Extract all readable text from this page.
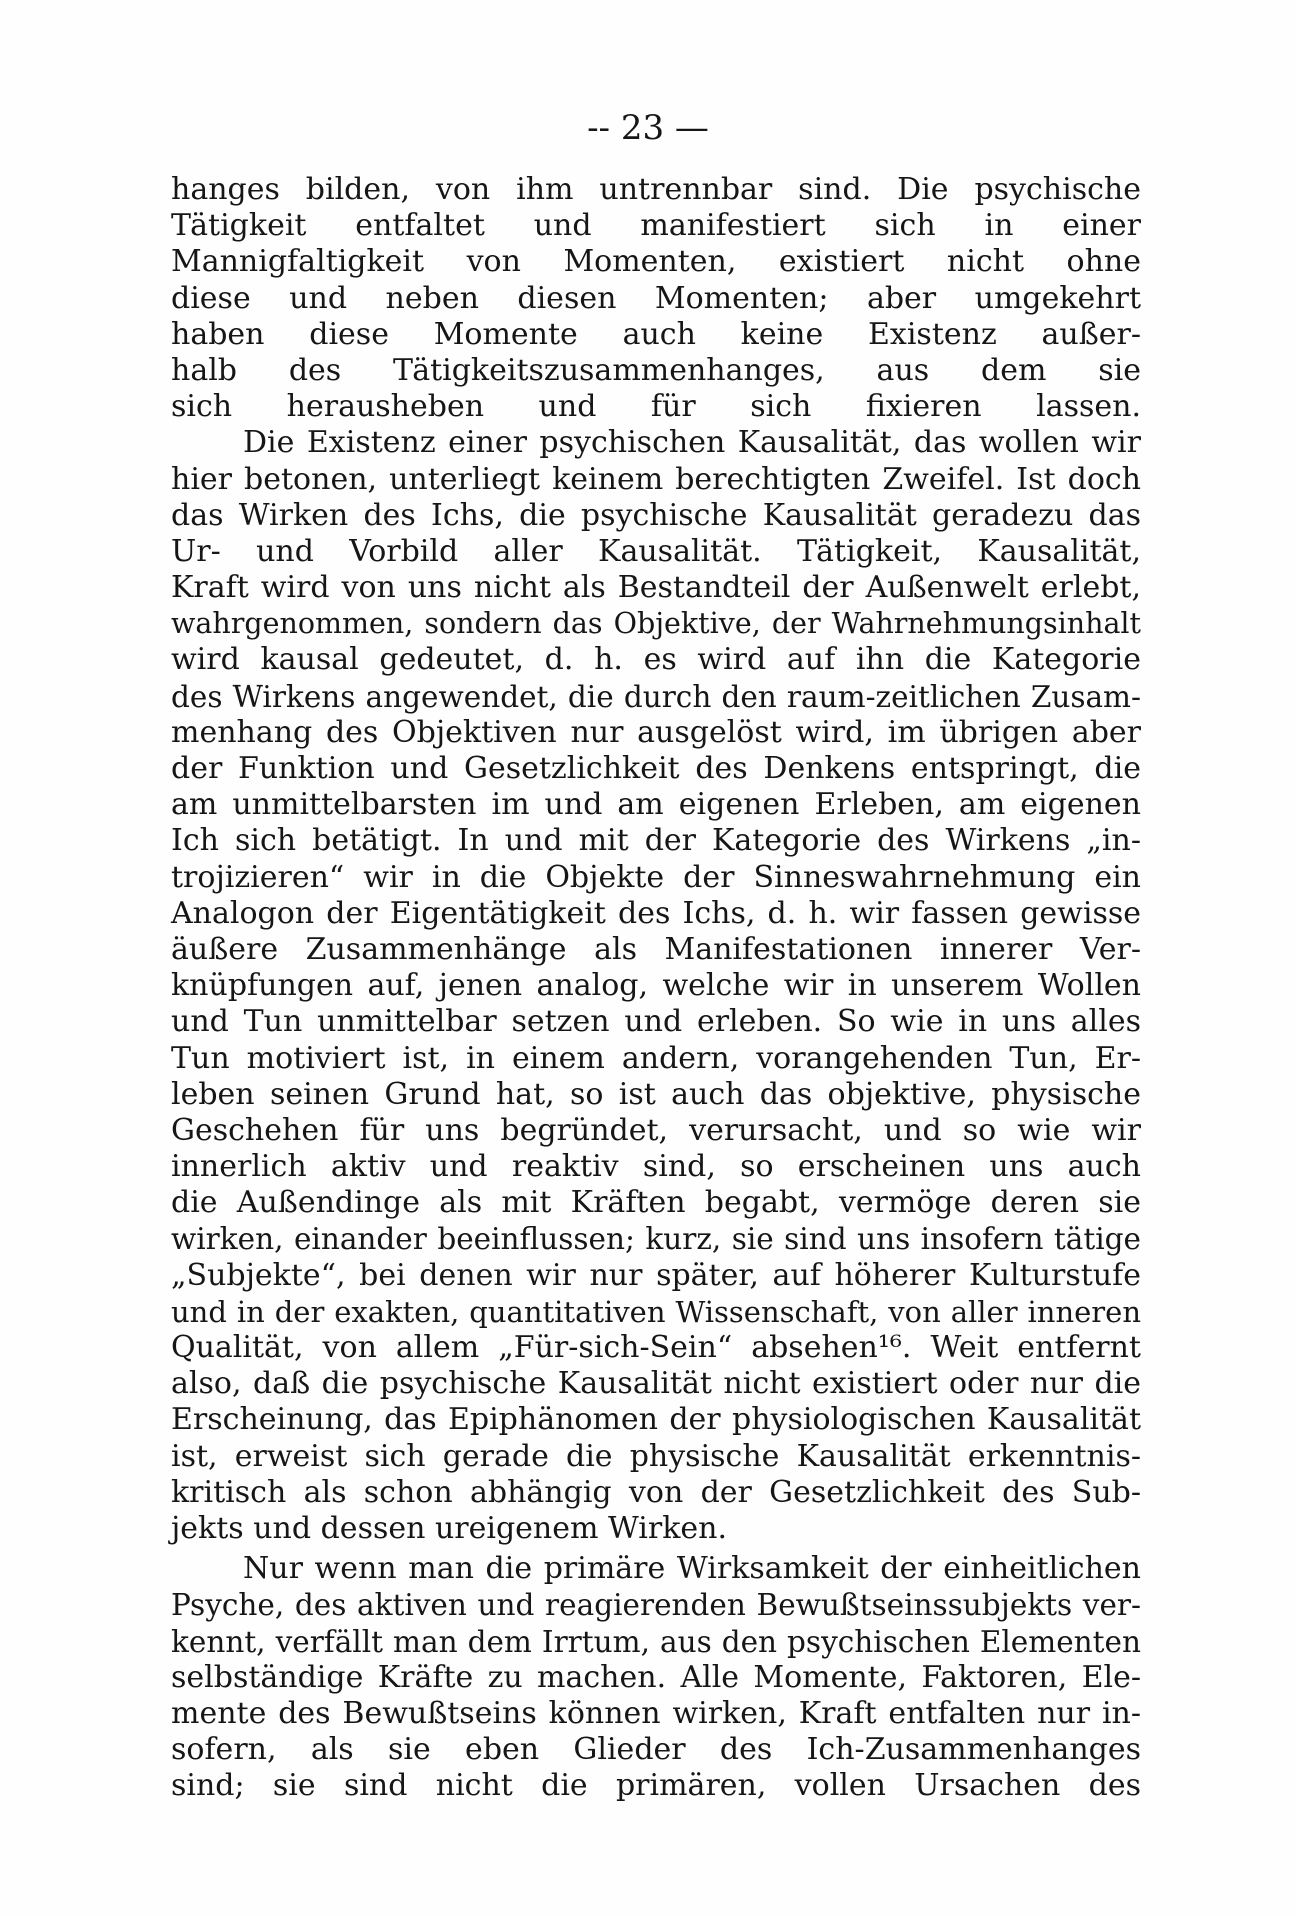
-- 23 —
hanges bilden, von ihm untrennbar sind. Die psychische
Tätigkeit entfaltet und manifestiert sich in einer
Mannigfaltigkeit von Momenten, existiert nicht ohne
diese und neben diesen Momenten; aber umgekehrt
haben diese Momente auch keine Existenz außer-
halb des Tätigkeitszusammenhanges, aus dem sie
sich herausheben und für sich fixieren lassen.
Die Existenz einer psychischen Kausalität, das wollen wir
hier betonen, unterliegt keinem berechtigten Zweifel. Ist doch
das Wirken des Ichs, die psychische Kausalität geradezu das
Ur- und Vorbild aller Kausalität. Tätigkeit, Kausalität,
Kraft wird von uns nicht als Bestandteil der Außenwelt erlebt,
wahrgenommen, sondern das Objektive, der Wahrnehmungsinhalt
wird kausal gedeutet, d. h. es wird auf ihn die Kategorie
des Wirkens angewendet, die durch den raum-zeitlichen Zusam-
menhang des Objektiven nur ausgelöst wird, im übrigen aber
der Funktion und Gesetzlichkeit des Denkens entspringt, die
am unmittelbarsten im und am eigenen Erleben, am eigenen
Ich sich betätigt. In und mit der Kategorie des Wirkens „in-
trojizieren“ wir in die Objekte der Sinneswahrnehmung ein
Analogon der Eigentätigkeit des Ichs, d. h. wir fassen gewisse
äußere Zusammenhänge als Manifestationen innerer Ver-
knüpfungen auf, jenen analog, welche wir in unserem Wollen
und Tun unmittelbar setzen und erleben. So wie in uns alles
Tun motiviert ist, in einem andern, vorangehenden Tun, Er-
leben seinen Grund hat, so ist auch das objektive, physische
Geschehen für uns begründet, verursacht, und so wie wir
innerlich aktiv und reaktiv sind, so erscheinen uns auch
die Außendinge als mit Kräften begabt, vermöge deren sie
wirken, einander beeinflussen; kurz, sie sind uns insofern tätige
„Subjekte“, bei denen wir nur später, auf höherer Kulturstufe
und in der exakten, quantitativen Wissenschaft, von aller inneren
Qualität, von allem „Für-sich-Sein“ absehen¹⁶. Weit entfernt
also, daß die psychische Kausalität nicht existiert oder nur die
Erscheinung, das Epiphänomen der physiologischen Kausalität
ist, erweist sich gerade die physische Kausalität erkenntnis-
kritisch als schon abhängig von der Gesetzlichkeit des Sub-
jekts und dessen ureigenem Wirken.
Nur wenn man die primäre Wirksamkeit der einheitlichen
Psyche, des aktiven und reagierenden Bewußtseinssubjekts ver-
kennt, verfällt man dem Irrtum, aus den psychischen Elementen
selbständige Kräfte zu machen. Alle Momente, Faktoren, Ele-
mente des Bewußtseins können wirken, Kraft entfalten nur in-
sofern, als sie eben Glieder des Ich-Zusammenhanges
sind; sie sind nicht die primären, vollen Ursachen des
